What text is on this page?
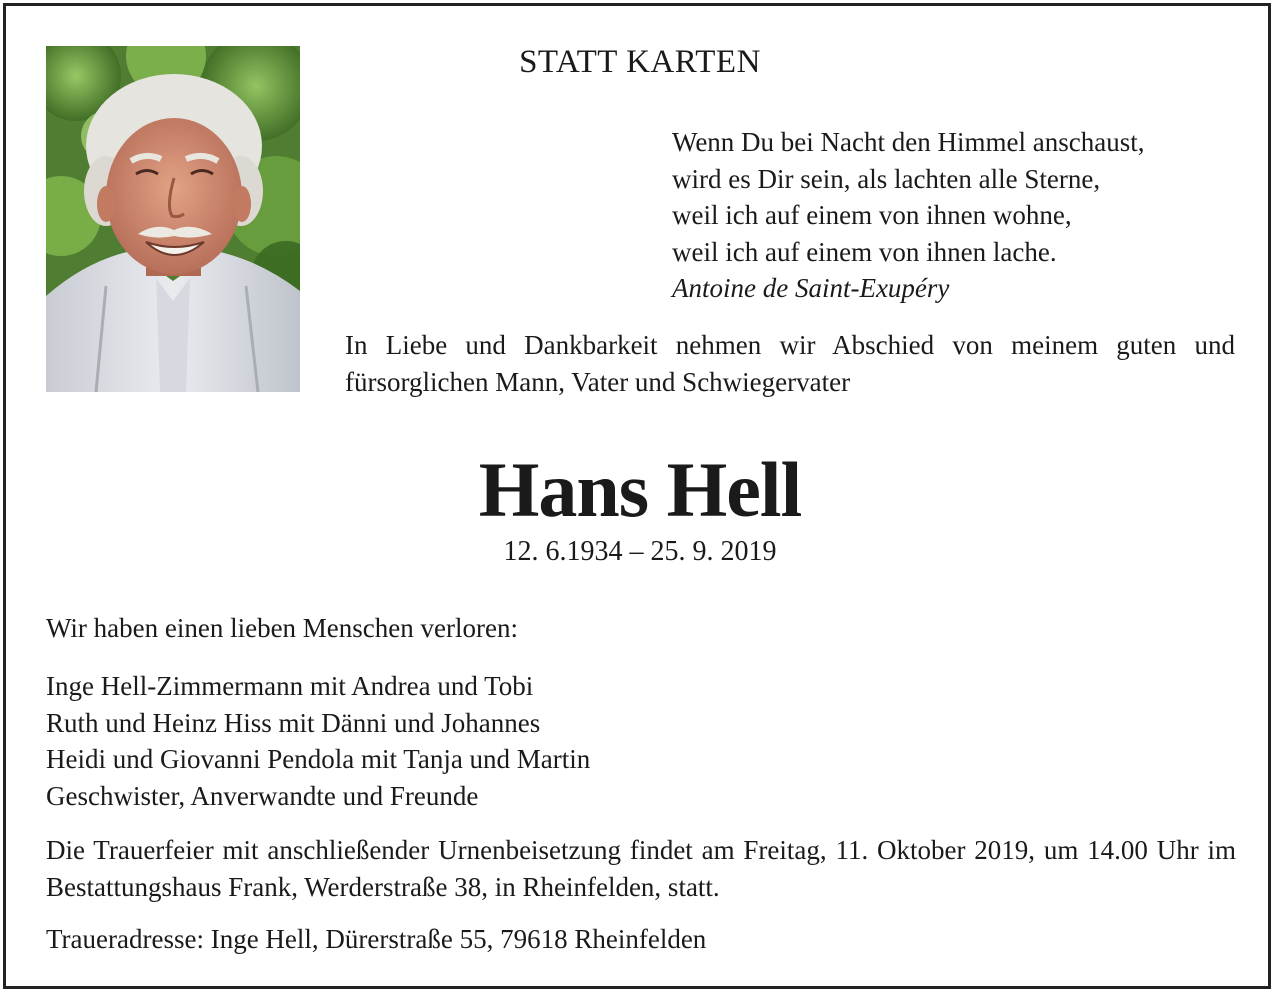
STATT KARTEN
Wenn Du bei Nacht den Himmel anschaust,
wird es Dir sein, als lachten alle Sterne,
weil ich auf einem von ihnen wohne,
weil ich auf einem von ihnen lache.
Antoine de Saint-Exupéry
In Liebe und Dankbarkeit nehmen wir Abschied von meinem guten und fürsorglichen Mann, Vater und Schwiegervater
Hans Hell
12. 6.1934 – 25. 9. 2019
Wir haben einen lieben Menschen verloren:
Inge Hell-Zimmermann mit Andrea und Tobi
Ruth und Heinz Hiss mit Dänni und Johannes
Heidi und Giovanni Pendola mit Tanja und Martin
Geschwister, Anverwandte und Freunde
Die Trauerfeier mit anschließender Urnenbeisetzung findet am Freitag, 11. Oktober 2019, um 14.00 Uhr im Bestattungshaus Frank, Werderstraße 38, in Rheinfelden, statt.
Traueradresse: Inge Hell, Dürerstraße 55, 79618 Rheinfelden
